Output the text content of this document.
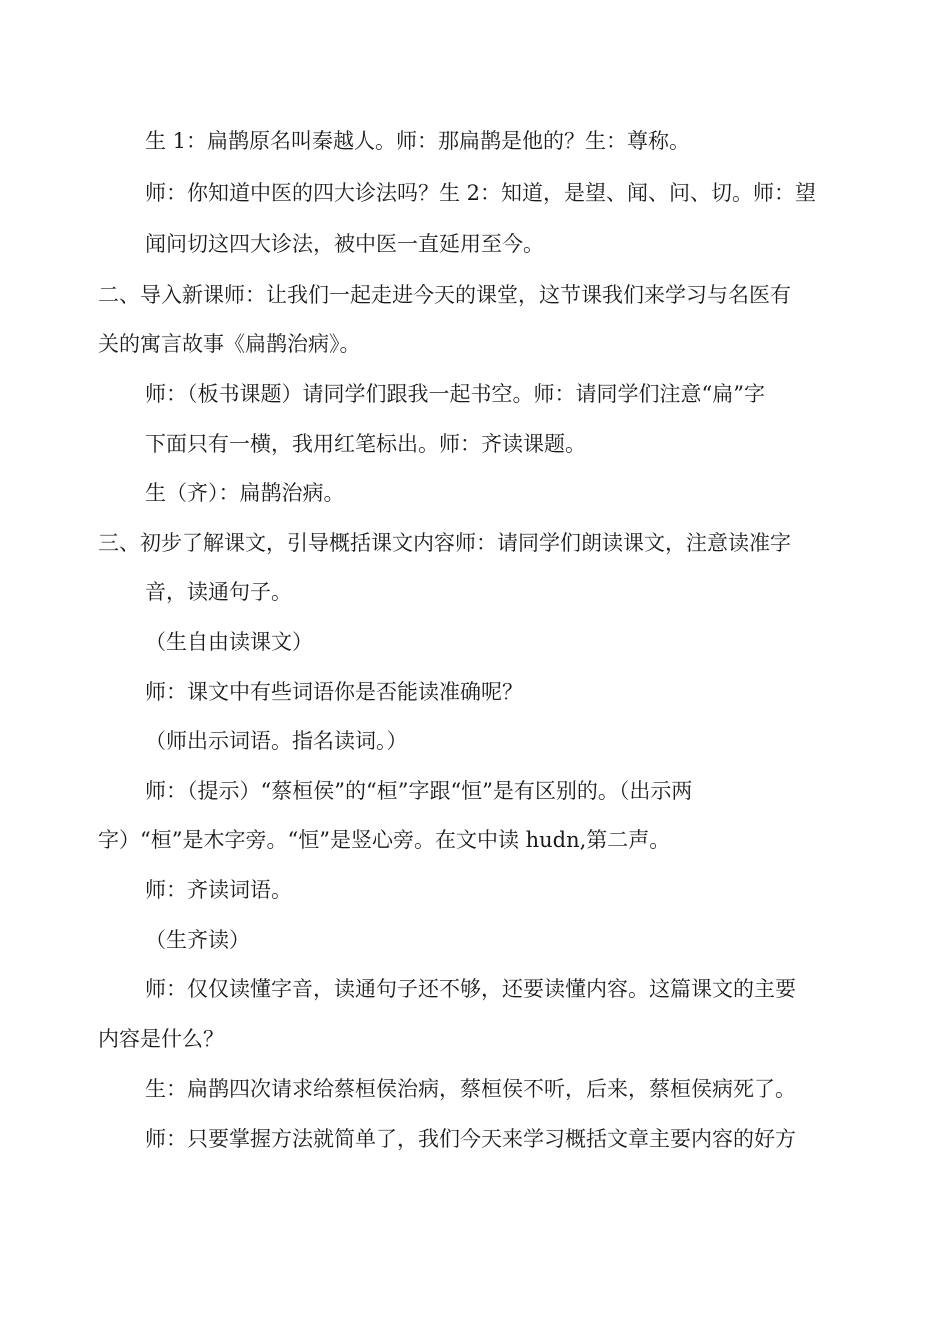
生 1：扁鹊原名叫秦越人。师：那扁鹊是他的？生：尊称。
师：你知道中医的四大诊法吗？生 2：知道，是望、闻、问、切。师：望
闻问切这四大诊法，被中医一直延用至今。
二、导入新课师：让我们一起走进今天的课堂，这节课我们来学习与名医有
关的寓言故事《扁鹊治病》。
师：（板书课题）请同学们跟我一起书空。师：请同学们注意“扁”字
下面只有一横，我用红笔标出。师：齐读课题。
生（齐）：扁鹊治病。
三、初步了解课文，引导概括课文内容师：请同学们朗读课文，注意读准字
音，读通句子。
（生自由读课文）
师：课文中有些词语你是否能读准确呢？
（师出示词语。指名读词。）
师：（提示）“蔡桓侯”的“桓”字跟“恒”是有区别的。（出示两
字）“桓”是木字旁。“恒”是竖心旁。在文中读 hudn,第二声。
师：齐读词语。
（生齐读）
师：仅仅读懂字音，读通句子还不够，还要读懂内容。这篇课文的主要
内容是什么？
生：扁鹊四次请求给蔡桓侯治病，蔡桓侯不听，后来，蔡桓侯病死了。
师：只要掌握方法就简单了，我们今天来学习概括文章主要内容的好方
